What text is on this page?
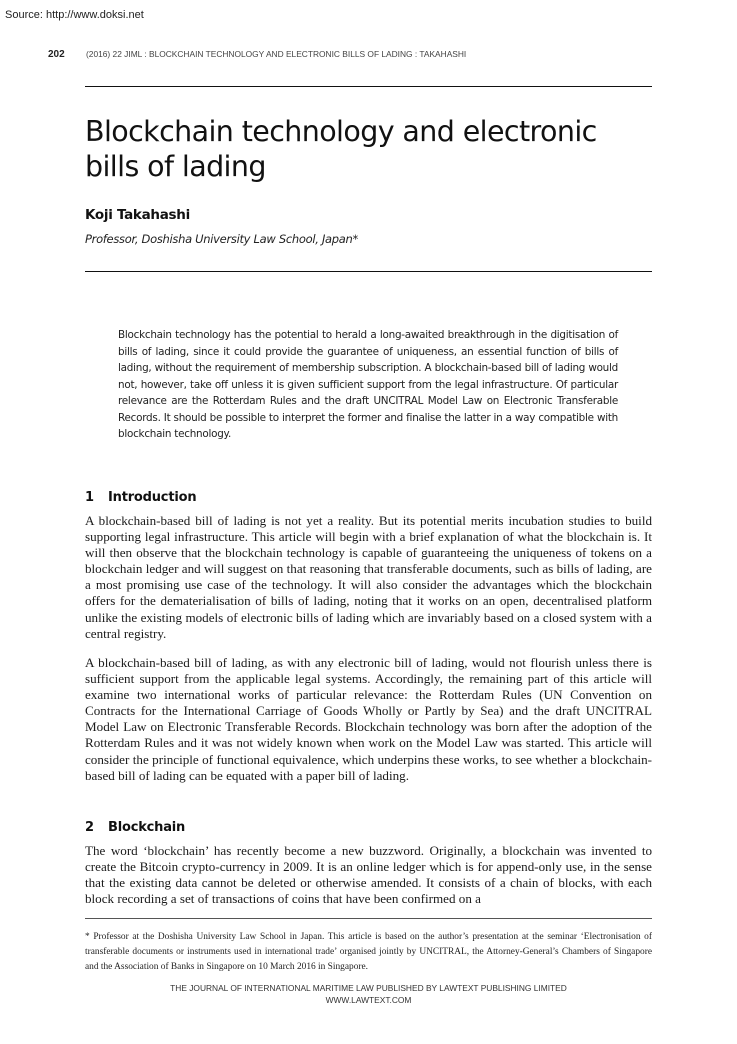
Source: http://www.doksi.net
202	(2016) 22 JIML : BLOCKCHAIN TECHNOLOGY AND ELECTRONIC BILLS OF LADING : TAKAHASHI
Blockchain technology and electronic bills of lading
Koji Takahashi
Professor, Doshisha University Law School, Japan*

Blockchain technology has the potential to herald a long-awaited breakthrough in the digitisation of bills of lading, since it could provide the guarantee of uniqueness, an essential function of bills of lading, without the requirement of membership subscription. A blockchain-based bill of lading would not, however, take off unless it is given sufficient support from the legal infrastructure. Of particular relevance are the Rotterdam Rules and the draft UNCITRAL Model Law on Electronic Transferable Records. It should be possible to interpret the former and finalise the latter in a way compatible with blockchain technology.

1 Introduction

A blockchain-based bill of lading is not yet a reality. But its potential merits incubation studies to build supporting legal infrastructure. This article will begin with a brief explanation of what the blockchain is. It will then observe that the blockchain technology is capable of guaranteeing the uniqueness of tokens on a blockchain ledger and will suggest on that reasoning that transferable documents, such as bills of lading, are a most promising use case of the technology. It will also consider the advantages which the blockchain offers for the dematerialisation of bills of lading, noting that it works on an open, decentralised platform unlike the existing models of electronic bills of lading which are invariably based on a closed system with a central registry.

A blockchain-based bill of lading, as with any electronic bill of lading, would not flourish unless there is sufficient support from the applicable legal systems. Accordingly, the remaining part of this article will examine two international works of particular relevance: the Rotterdam Rules (UN Convention on Contracts for the International Carriage of Goods Wholly or Partly by Sea) and the draft UNCITRAL Model Law on Electronic Transferable Records. Blockchain technology was born after the adoption of the Rotterdam Rules and it was not widely known when work on the Model Law was started. This article will consider the principle of functional equivalence, which underpins these works, to see whether a blockchain-based bill of lading can be equated with a paper bill of lading.

2 Blockchain

The word ‘blockchain’ has recently become a new buzzword. Originally, a blockchain was invented to create the Bitcoin crypto-currency in 2009. It is an online ledger which is for append-only use, in the sense that the existing data cannot be deleted or otherwise amended. It consists of a chain of blocks, with each block recording a set of transactions of coins that have been confirmed on a

* Professor at the Doshisha University Law School in Japan. This article is based on the author’s presentation at the seminar ‘Electronisation of transferable documents or instruments used in international trade’ organised jointly by UNCITRAL, the Attorney-General’s Chambers of Singapore and the Association of Banks in Singapore on 10 March 2016 in Singapore.

THE JOURNAL OF INTERNATIONAL MARITIME LAW PUBLISHED BY LAWTEXT PUBLISHING LIMITED
WWW.LAWTEXT.COM
